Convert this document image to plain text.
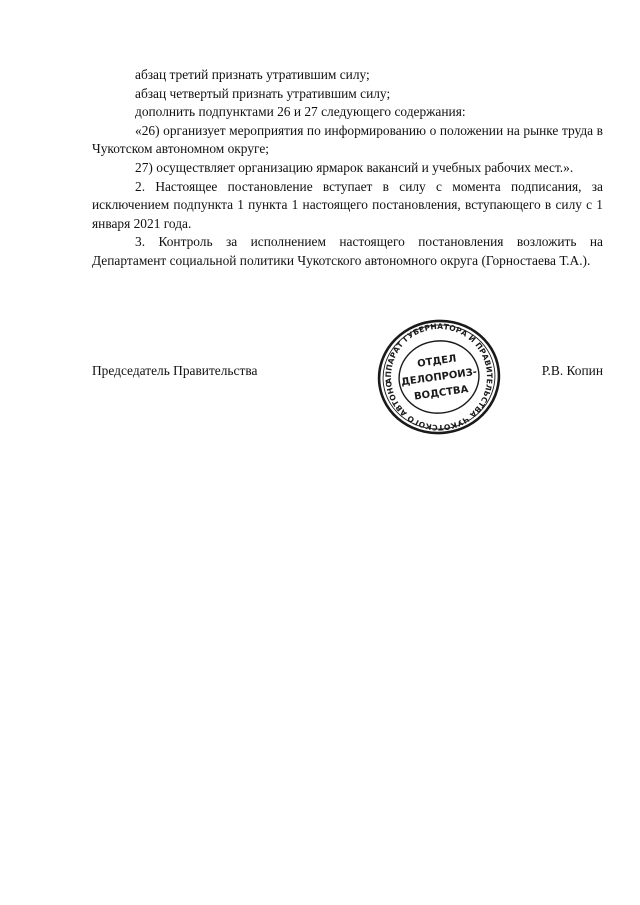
абзац третий признать утратившим силу;

абзац четвертый признать утратившим силу;

дополнить подпунктами 26 и 27 следующего содержания:

«26) организует мероприятия по информированию о положении на рынке труда в Чукотском автономном округе;

27) осуществляет организацию ярмарок вакансий и учебных рабочих мест.».

2. Настоящее постановление вступает в силу с момента подписания, за исключением подпункта 1 пункта 1 настоящего постановления, вступающего в силу с 1 января 2021 года.

3. Контроль за исполнением настоящего постановления возложить на Департамент социальной политики Чукотского автономного округа (Горностаева Т.А.).

Председатель Правительства	Р.В. Копин
АППАРАТ ГУБЕРНАТОРА И ПРАВИТЕЛЬСТВА ЧУКОТСКОГО АВТОНОМНОГО
ОТДЕЛ
ДЕЛОПРОИЗ-
ВОДСТВА
